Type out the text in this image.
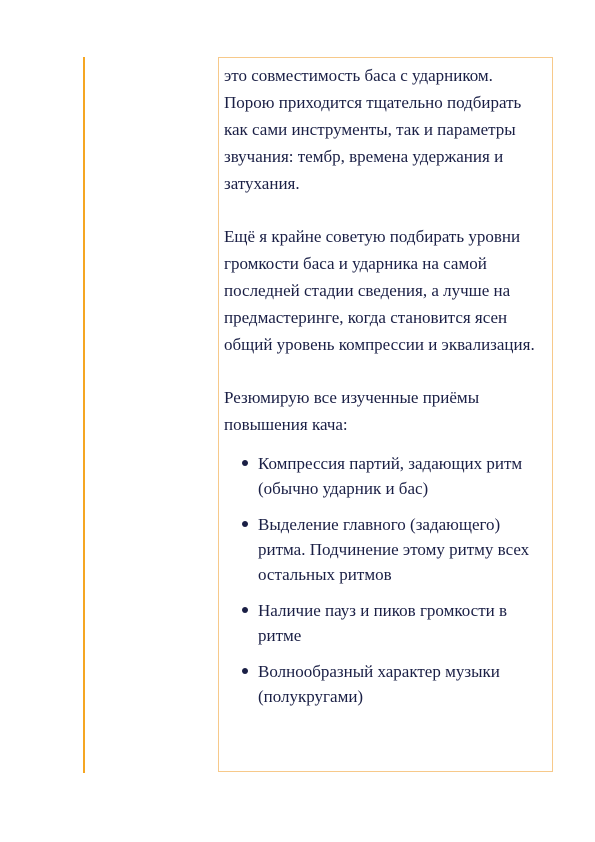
это совместимость баса с ударником. Порою приходится тщательно подбирать как сами инструменты, так и параметры звучания: тембр, времена удержания и затухания.

Ещё я крайне советую подбирать уровни громкости баса и ударника на самой последней стадии сведения, а лучше на предмастеринге, когда становится ясен общий уровень компрессии и эквализация.

Резюмирую все изученные приёмы повышения кача:

Компрессия партий, задающих ритм (обычно ударник и бас)
Выделение главного (задающего) ритма. Подчинение этому ритму всех остальных ритмов
Наличие пауз и пиков громкости в ритме
Волнообразный характер музыки (полукругами)
